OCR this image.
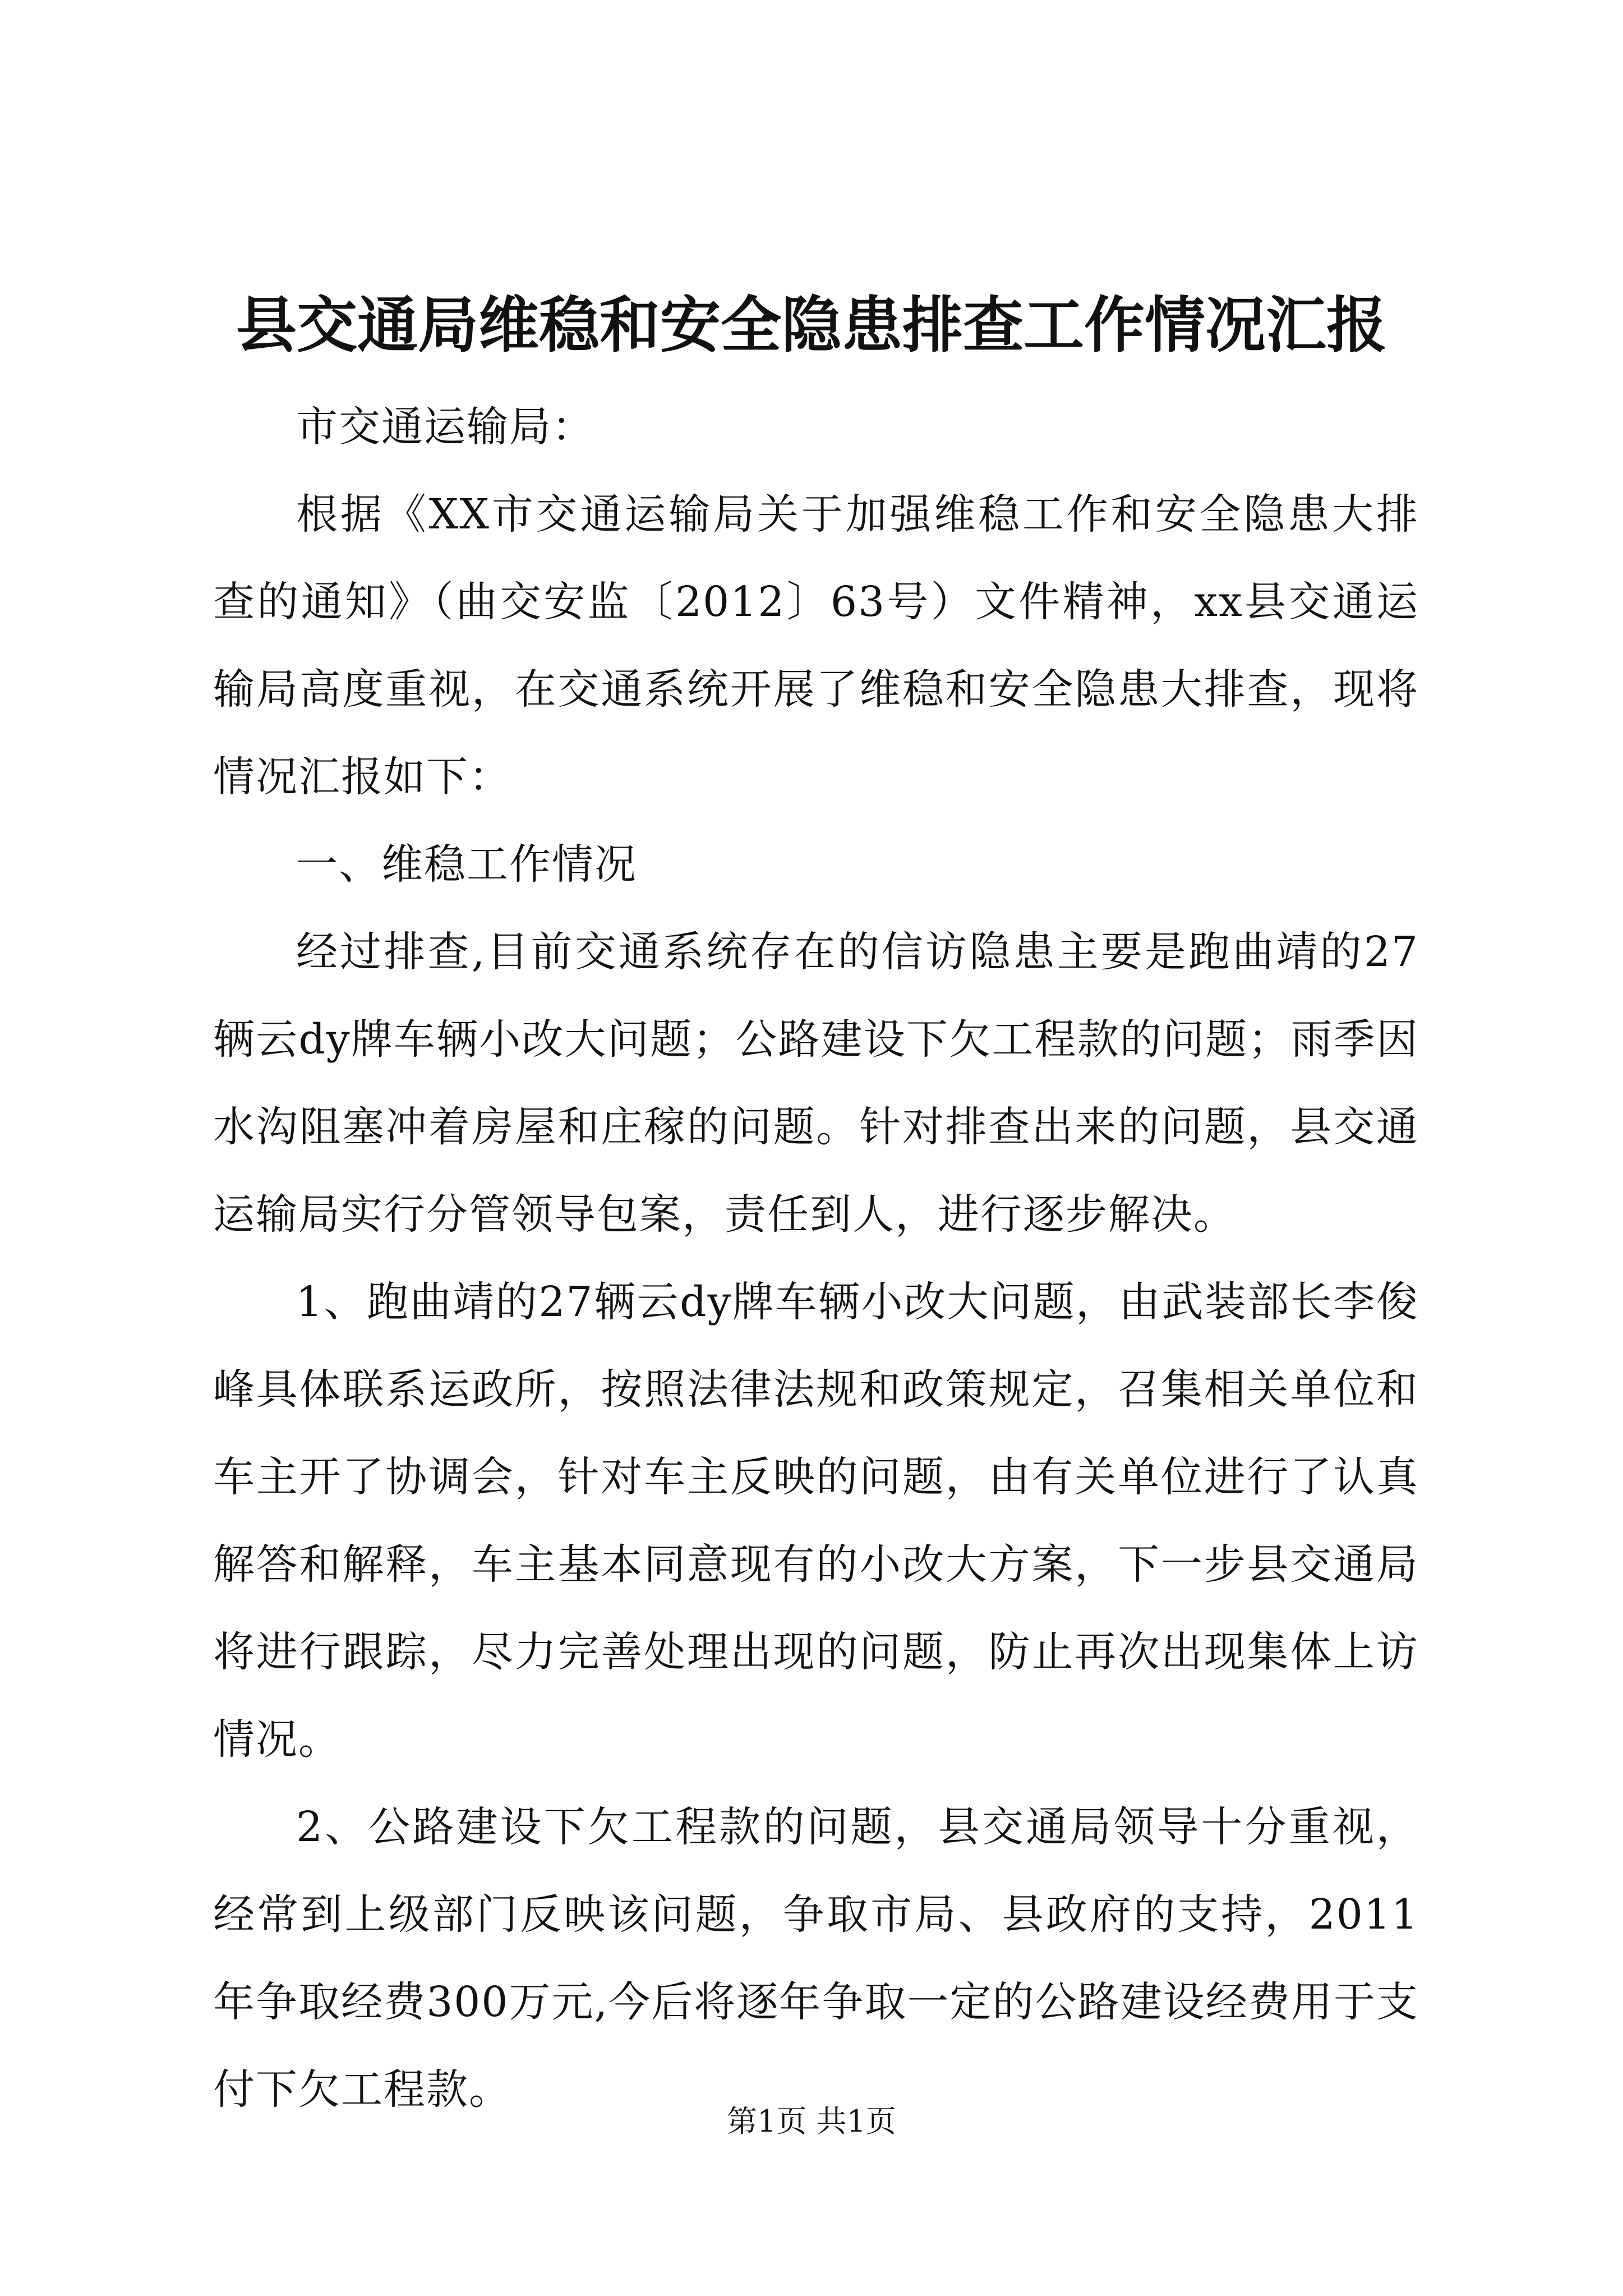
县交通局维稳和安全隐患排查工作情况汇报

市交通运输局：

根据《XX市交通运输局关于加强维稳工作和安全隐患大排查的通知》（曲交安监〔2012〕63号）文件精神，xx县交通运输局高度重视，在交通系统开展了维稳和安全隐患大排查，现将情况汇报如下：

一、维稳工作情况

经过排查,目前交通系统存在的信访隐患主要是跑曲靖的27辆云dy牌车辆小改大问题；公路建设下欠工程款的问题；雨季因水沟阻塞冲着房屋和庄稼的问题。针对排查出来的问题，县交通运输局实行分管领导包案，责任到人，进行逐步解决。

1、跑曲靖的27辆云dy牌车辆小改大问题，由武装部长李俊峰具体联系运政所，按照法律法规和政策规定，召集相关单位和车主开了协调会，针对车主反映的问题，由有关单位进行了认真解答和解释，车主基本同意现有的小改大方案，下一步县交通局将进行跟踪，尽力完善处理出现的问题，防止再次出现集体上访情况。

2、公路建设下欠工程款的问题，县交通局领导十分重视，经常到上级部门反映该问题，争取市局、县政府的支持，2011年争取经费300万元,今后将逐年争取一定的公路建设经费用于支付下欠工程款。

第1页 共1页
